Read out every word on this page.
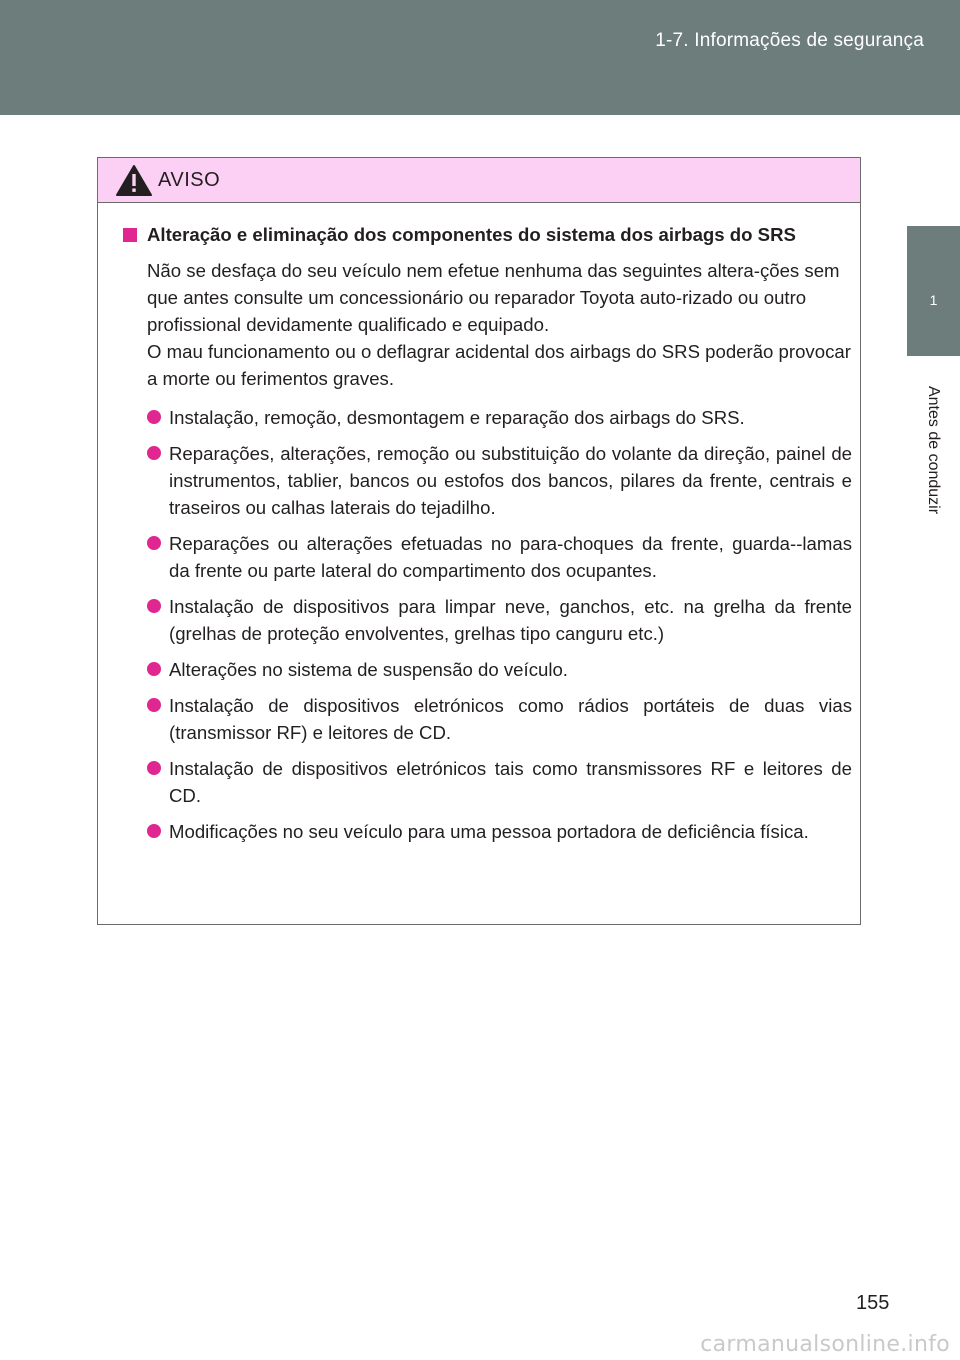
1-7. Informações de segurança
1
Antes de conduzir
AVISO
Alteração e eliminação dos componentes do sistema dos airbags do SRS

Não se desfaça do seu veículo nem efetue nenhuma das seguintes altera-ções sem que antes consulte um concessionário ou reparador Toyota auto-rizado ou outro profissional devidamente qualificado e equipado.

O mau funcionamento ou o deflagrar acidental dos airbags do SRS poderão provocar a morte ou ferimentos graves.

Instalação, remoção, desmontagem e reparação dos airbags do SRS.
Reparações, alterações, remoção ou substituição do volante da direção, painel de instrumentos, tablier, bancos ou estofos dos bancos, pilares da frente, centrais e traseiros ou calhas laterais do tejadilho.
Reparações ou alterações efetuadas no para-choques da frente, guarda--lamas da frente ou parte lateral do compartimento dos ocupantes.
Instalação de dispositivos para limpar neve, ganchos, etc. na grelha da frente (grelhas de proteção envolventes, grelhas tipo canguru etc.)
Alterações no sistema de suspensão do veículo.
Instalação de dispositivos eletrónicos como rádios portáteis de duas vias (transmissor RF) e leitores de CD.
Instalação de dispositivos eletrónicos tais como transmissores RF e leitores de CD.
Modificações no seu veículo para uma pessoa portadora de deficiência física.
155
carmanualsonline.info
